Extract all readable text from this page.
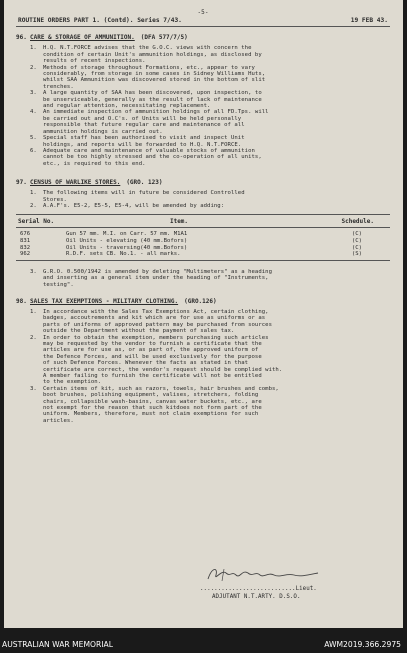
-5-
ROUTINE ORDERS PART 1. (Contd). Series 7/43.	19 FEB 43.
96. CARE & STORAGE OF AMMUNITION. (DFA 577/7/5)
1.	H.Q. N.T.FORCE advises that the G.O.C. views with concern the
condition of certain Unit's ammunition holdings, as disclosed by
results of recent inspections.
2.	Methods of storage throughout Formations, etc., appear to vary
considerably, from storage in some cases in Sidney Williams Huts,
whilst SAA Ammunition was discovered stored in the bottom of slit
trenches.
3.	A large quantity of SAA has been discovered, upon inspection, to
be unserviceable, generally as the result of lack of maintenance
and regular attention, necessitating replacement.
4.	An immediate inspection of ammunition holdings of all FD.Tps. will
be carried out and O.C's. of Units will be held personally
responsible that future regular care and maintenance of all
ammunition holdings is carried out.
5.	Special staff has been authorised to visit and inspect Unit
holdings, and reports will be forwarded to H.Q. N.T.FORCE.
6.	Adequate care and maintenance of valuable stocks of ammunition
cannot be too highly stressed and the co-operation of all units,
etc., is required to this end.
97. CENSUS OF WARLIKE STORES. (GRO. 123)
1.	The following items will in future be considered Controlled
Stores.
2.	A.A.F's. E5-2, E5-5, E5-4, will be amended by adding:
Serial No.	Item.	Schedule.
676	Gun 57 mm. M.I. on Carr. 57 mm. M1A1	(C)
831	Oil Units - elevating (40 mm.Bofors)	(C)
832	Oil Units - traversing(40 mm.Bofors)	(C)
962	R.D.F. sets CB. No.1. - all marks.	(S)
3.	G.R.O. 0.500/1942 is amended by deleting "Multimeters" as a heading
and inserting as a general item under the heading of "Instruments,
testing".
98. SALES TAX EXEMPTIONS - MILITARY CLOTHING. (GRO.126)
1.	In accordance with the Sales Tax Exemptions Act, certain clothing,
badges, accoutrements and kit which are for use as uniforms or as
parts of uniforms of approved pattern may be purchased from sources
outside the Department without the payment of sales tax.
2.	In order to obtain the exemption, members purchasing such articles
may be requested by the vendor to furnish a certificate that the
articles are for use as, or as part of, the approved uniform of
the Defence Forces, and will be used exclusively for the purpose
of such Defence Forces. Whenever the facts as stated in that
certificate are correct, the vendor's request should be complied with.
A member failing to furnish the certificate will not be entitled
to the exemption.
3.	Certain items of kit, such as razors, towels, hair brushes and combs,
boot brushes, polishing equipment, valises, stretchers, folding
chairs, collapsible wash-basins, canvas water buckets, etc., are
not exempt for the reason that such kitdoes not form part of the
uniform. Members, therefore, must not claim exemptions for such
articles.
...........................Lieut.
ADJUTANT N.T.ARTY. D.S.O.
AUSTRALIAN WAR MEMORIAL	AWM2019.366.2975
